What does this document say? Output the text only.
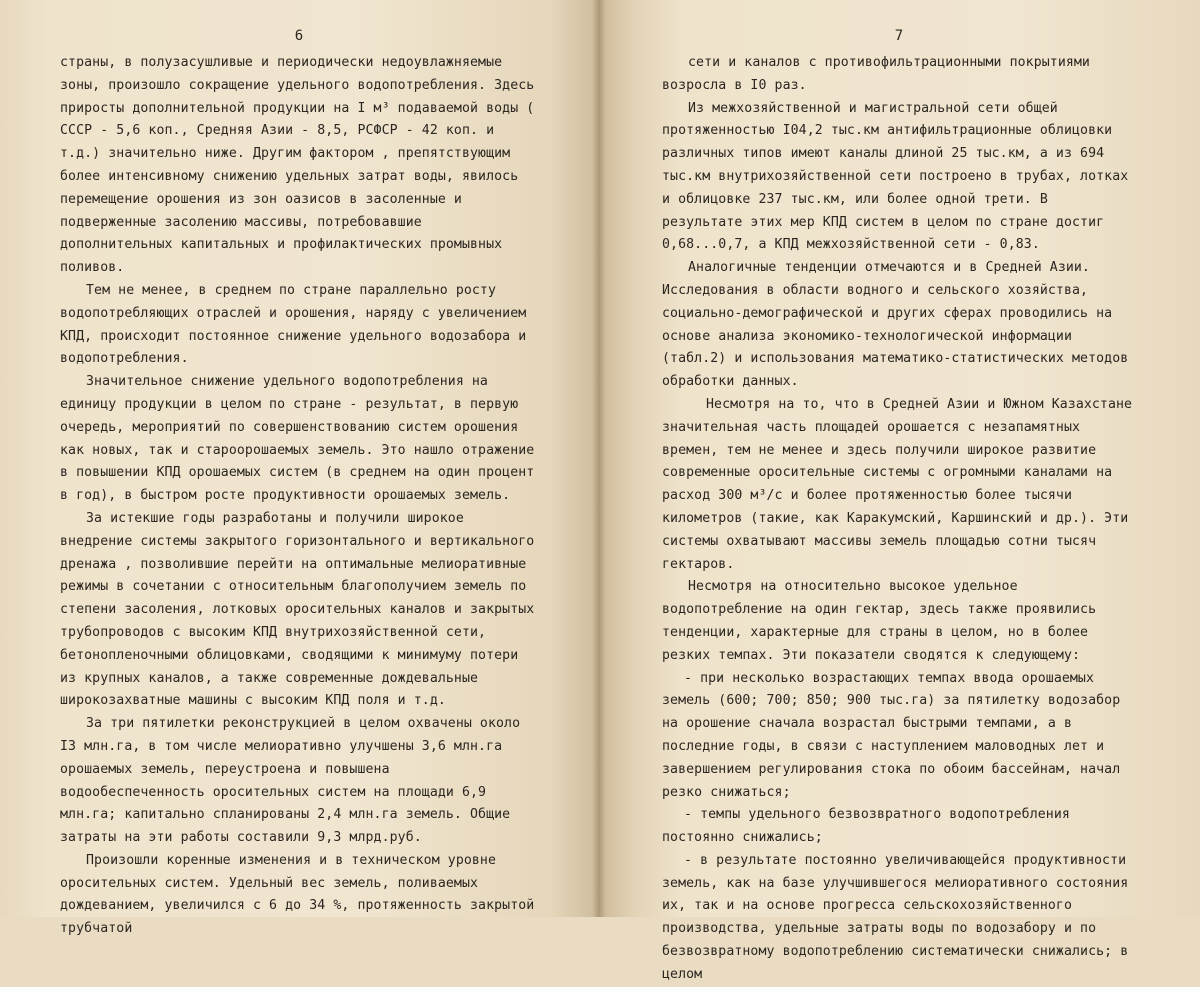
6

страны, в полузасушливые и периодически недоувлажняемые зоны, произошло сокращение удельного водопотребления. Здесь приросты дополнительной продукции на I м³ подаваемой воды ( СССР - 5,6 коп., Средняя Азии - 8,5, РСФСР - 42 коп. и т.д.) значительно ниже. Другим фактором , препятствующим более интенсивному снижению удельных затрат воды, явилось перемещение орошения из зон оазисов в засоленные и подверженные засолению массивы, потребовавшие дополнительных капитальных и профилактических промывных поливов.

Тем не менее, в среднем по стране параллельно росту водопотребляющих отраслей и орошения, наряду с увеличением КПД, происходит постоянное снижение удельного водозабора и водопотребления.

Значительное снижение удельного водопотребления на единицу продукции в целом по стране - результат, в первую очередь, мероприятий по совершенствованию систем орошения как новых, так и староорошаемых земель. Это нашло отражение в повышении КПД орошаемых систем (в среднем на один процент в год), в быстром росте продуктивности орошаемых земель.

За истекшие годы разработаны и получили широкое внедрение системы закрытого горизонтального и вертикального дренажа , позволившие перейти на оптимальные мелиоративные режимы в сочетании с относительным благополучием земель по степени засоления, лотковых оросительных каналов и закрытых трубопроводов с высоким КПД внутрихозяйственной сети, бетонопленочными облицовками, сводящими к минимуму потери из крупных каналов, а также современные дождевальные широкозахватные машины с высоким КПД поля и т.д.

За три пятилетки реконструкцией в целом охвачены около I3 млн.га, в том числе мелиоративно улучшены 3,6 млн.га орошаемых земель, переустроена и повышена водообеспеченность оросительных систем на площади 6,9 млн.га; капитально спланированы 2,4 млн.га земель. Общие затраты на эти работы составили 9,3 млрд.руб.

Произошли коренные изменения и в техническом уровне оросительных систем. Удельный вес земель, поливаемых дождеванием, увеличился с 6 до 34 %, протяженность закрытой трубчатой

7

сети и каналов с противофильтрационными покрытиями возросла в I0 раз.

Из межхозяйственной и магистральной сети общей протяженностью I04,2 тыс.км антифильтрационные облицовки различных типов имеют каналы длиной 25 тыс.км, а из 694 тыс.км внутрихозяйственной сети построено в трубах, лотках и облицовке 237 тыс.км, или более одной трети. В результате этих мер КПД систем в целом по стране достиг 0,68...0,7, а КПД межхозяйственной сети - 0,83.

Аналогичные тенденции отмечаются и в Средней Азии. Исследования в области водного и сельского хозяйства, социально-демографической и других сферах проводились на основе анализа экономико-технологической информации (табл.2) и использования математико-статистических методов обработки данных.

Несмотря на то, что в Средней Азии и Южном Казахстане значительная часть площадей орошается с незапамятных времен, тем не менее и здесь получили широкое развитие современные оросительные системы с огромными каналами на расход 300 м³/с и более протяженностью более тысячи километров (такие, как Каракумский, Каршинский и др.). Эти системы охватывают массивы земель площадью сотни тысяч гектаров.

Несмотря на относительно высокое удельное водопотребление на один гектар, здесь также проявились тенденции, характерные для страны в целом, но в более резких темпах. Эти показатели сводятся к следующему:

- при несколько возрастающих темпах ввода орошаемых земель (600; 700; 850; 900 тыс.га) за пятилетку водозабор на орошение сначала возрастал быстрыми темпами, а в последние годы, в связи с наступлением маловодных лет и завершением регулирования стока по обоим бассейнам, начал резко снижаться;

- темпы удельного безвозвратного водопотребления постоянно снижались;

- в результате постоянно увеличивающейся продуктивности земель, как на базе улучшившегося мелиоративного состояния их, так и на основе прогресса сельскохозяйственного производства, удельные затраты воды по водозабору и по безвозвратному водопотреблению систематически снижались; в целом
